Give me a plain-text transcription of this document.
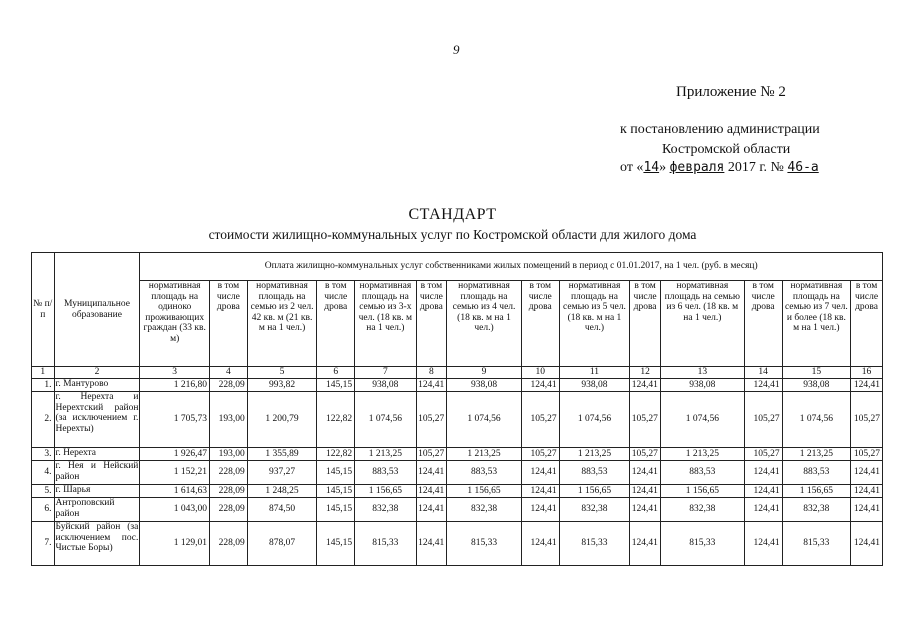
9
Приложение № 2
к постановлению администрации
Костромской области
от «14» февраля 2017 г. № 46-а
СТАНДАРТ
стоимости жилищно-коммунальных услуг по Костромской области для жилого дома
№ п/п	Муниципальное образование	Оплата жилищно-коммунальных услуг собственниками жилых помещений в период с 01.01.2017, на 1 чел. (руб. в месяц)													
		нормативная площадь на одиноко проживающих граждан (33 кв. м)	в том числе дрова	нормативная площадь на семью из 2 чел. 42 кв. м (21 кв. м на 1 чел.)	в том числе дрова	нормативная площадь на семью из 3-х чел. (18 кв. м на 1 чел.)	в том числе дрова	нормативная площадь на семью из 4 чел. (18 кв. м на 1 чел.)	в том числе дрова	нормативная площадь на семью из 5 чел. (18 кв. м на 1 чел.)	в том числе дрова	нормативная площадь на семью из 6 чел. (18 кв. м на 1 чел.)	в том числе дрова	нормативная площадь на семью из 7 чел. и более (18 кв. м на 1 чел.)	в том числе дрова
1	2	3	4	5	6	7	8	9	10	11	12	13	14	15	16
1.	г. Мантурово	1 216,80	228,09	993,82	145,15	938,08	124,41	938,08	124,41	938,08	124,41	938,08	124,41	938,08	124,41
2.	г. Нерехта и Нерехтский район (за исключением г. Нерехты)	1 705,73	193,00	1 200,79	122,82	1 074,56	105,27	1 074,56	105,27	1 074,56	105,27	1 074,56	105,27	1 074,56	105,27
3.	г. Нерехта	1 926,47	193,00	1 355,89	122,82	1 213,25	105,27	1 213,25	105,27	1 213,25	105,27	1 213,25	105,27	1 213,25	105,27
4.	г. Нея и Нейский район	1 152,21	228,09	937,27	145,15	883,53	124,41	883,53	124,41	883,53	124,41	883,53	124,41	883,53	124,41
5.	г. Шарья	1 614,63	228,09	1 248,25	145,15	1 156,65	124,41	1 156,65	124,41	1 156,65	124,41	1 156,65	124,41	1 156,65	124,41
6.	Антроповский район	1 043,00	228,09	874,50	145,15	832,38	124,41	832,38	124,41	832,38	124,41	832,38	124,41	832,38	124,41
7.	Буйский район (за исключением пос. Чистые Боры)	1 129,01	228,09	878,07	145,15	815,33	124,41	815,33	124,41	815,33	124,41	815,33	124,41	815,33	124,41
